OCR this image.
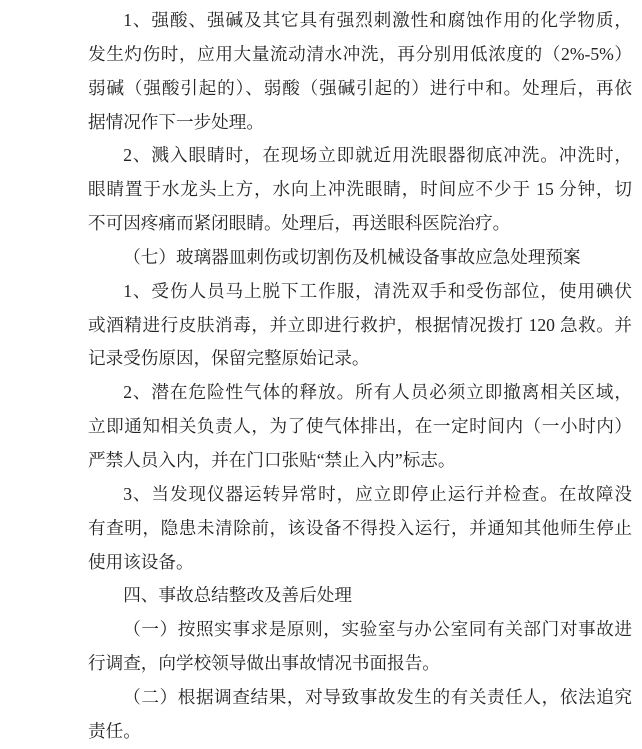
1、强酸、强碱及其它具有强烈刺激性和腐蚀作用的化学物质，
发生灼伤时，应用大量流动清水冲洗，再分别用低浓度的（2%-5%）
弱碱（强酸引起的）、弱酸（强碱引起的）进行中和。处理后，再依
据情况作下一步处理。
2、溅入眼睛时，在现场立即就近用洗眼器彻底冲洗。冲洗时，
眼睛置于水龙头上方，水向上冲洗眼睛，时间应不少于 15 分钟，切
不可因疼痛而紧闭眼睛。处理后，再送眼科医院治疗。
（七）玻璃器皿刺伤或切割伤及机械设备事故应急处理预案
1、受伤人员马上脱下工作服，清洗双手和受伤部位，使用碘伏
或酒精进行皮肤消毒，并立即进行救护，根据情况拨打 120 急救。并
记录受伤原因，保留完整原始记录。
2、潜在危险性气体的释放。所有人员必须立即撤离相关区域，
立即通知相关负责人，为了使气体排出，在一定时间内（一小时内）
严禁人员入内，并在门口张贴“禁止入内”标志。
3、当发现仪器运转异常时，应立即停止运行并检查。在故障没
有查明，隐患未清除前，该设备不得投入运行，并通知其他师生停止
使用该设备。
四、事故总结整改及善后处理
（一）按照实事求是原则，实验室与办公室同有关部门对事故进
行调查，向学校领导做出事故情况书面报告。
（二）根据调查结果，对导致事故发生的有关责任人，依法追究
责任。
